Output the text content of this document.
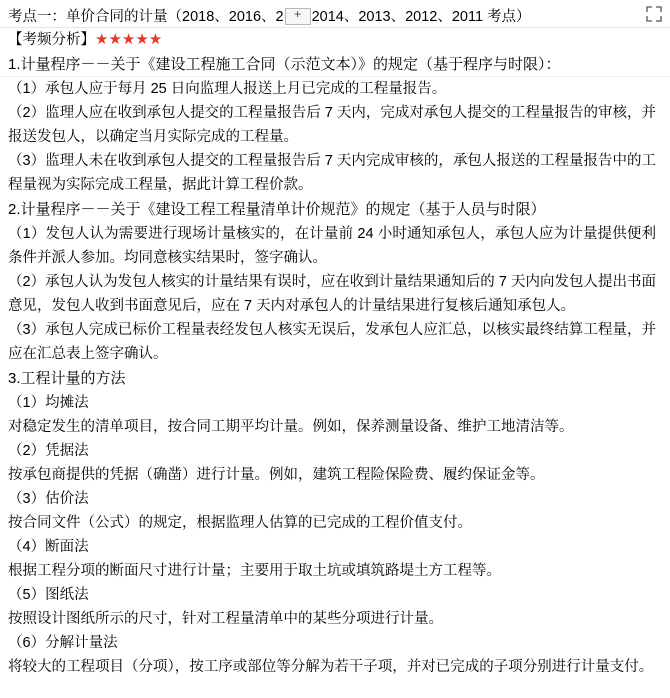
考点一：单价合同的计量（2018、2016、2 + 2014、2013、2012、2011 考点）
【考频分析】★★★★★
1.计量程序－－关于《建设工程施工合同（示范文本）》的规定（基于程序与时限）：
（1）承包人应于每月 25 日向监理人报送上月已完成的工程量报告。
（2）监理人应在收到承包人提交的工程量报告后 7 天内，完成对承包人提交的工程量报告的审核，并报送发包人，以确定当月实际完成的工程量。
（3）监理人未在收到承包人提交的工程量报告后 7 天内完成审核的，承包人报送的工程量报告中的工程量视为实际完成工程量，据此计算工程价款。
2.计量程序－－关于《建设工程工程量清单计价规范》的规定（基于人员与时限）
（1）发包人认为需要进行现场计量核实的，在计量前 24 小时通知承包人，承包人应为计量提供便利条件并派人参加。均同意核实结果时，签字确认。
（2）承包人认为发包人核实的计量结果有误时，应在收到计量结果通知后的 7 天内向发包人提出书面意见，发包人收到书面意见后，应在 7 天内对承包人的计量结果进行复核后通知承包人。
（3）承包人完成已标价工程量表经发包人核实无误后，发承包人应汇总，以核实最终结算工程量，并应在汇总表上签字确认。
3.工程计量的方法
（1）均摊法
对稳定发生的清单项目，按合同工期平均计量。例如，保养测量设备、维护工地清洁等。
（2）凭据法
按承包商提供的凭据（确凿）进行计量。例如，建筑工程险保险费、履约保证金等。
（3）估价法
按合同文件（公式）的规定，根据监理人估算的已完成的工程价值支付。
（4）断面法
根据工程分项的断面尺寸进行计量；主要用于取土坑或填筑路堤土方工程等。
（5）图纸法
按照设计图纸所示的尺寸，针对工程量清单中的某些分项进行计量。
（6）分解计量法
将较大的工程项目（分项），按工序或部位等分解为若干子项，并对已完成的子项分别进行计量支付。
